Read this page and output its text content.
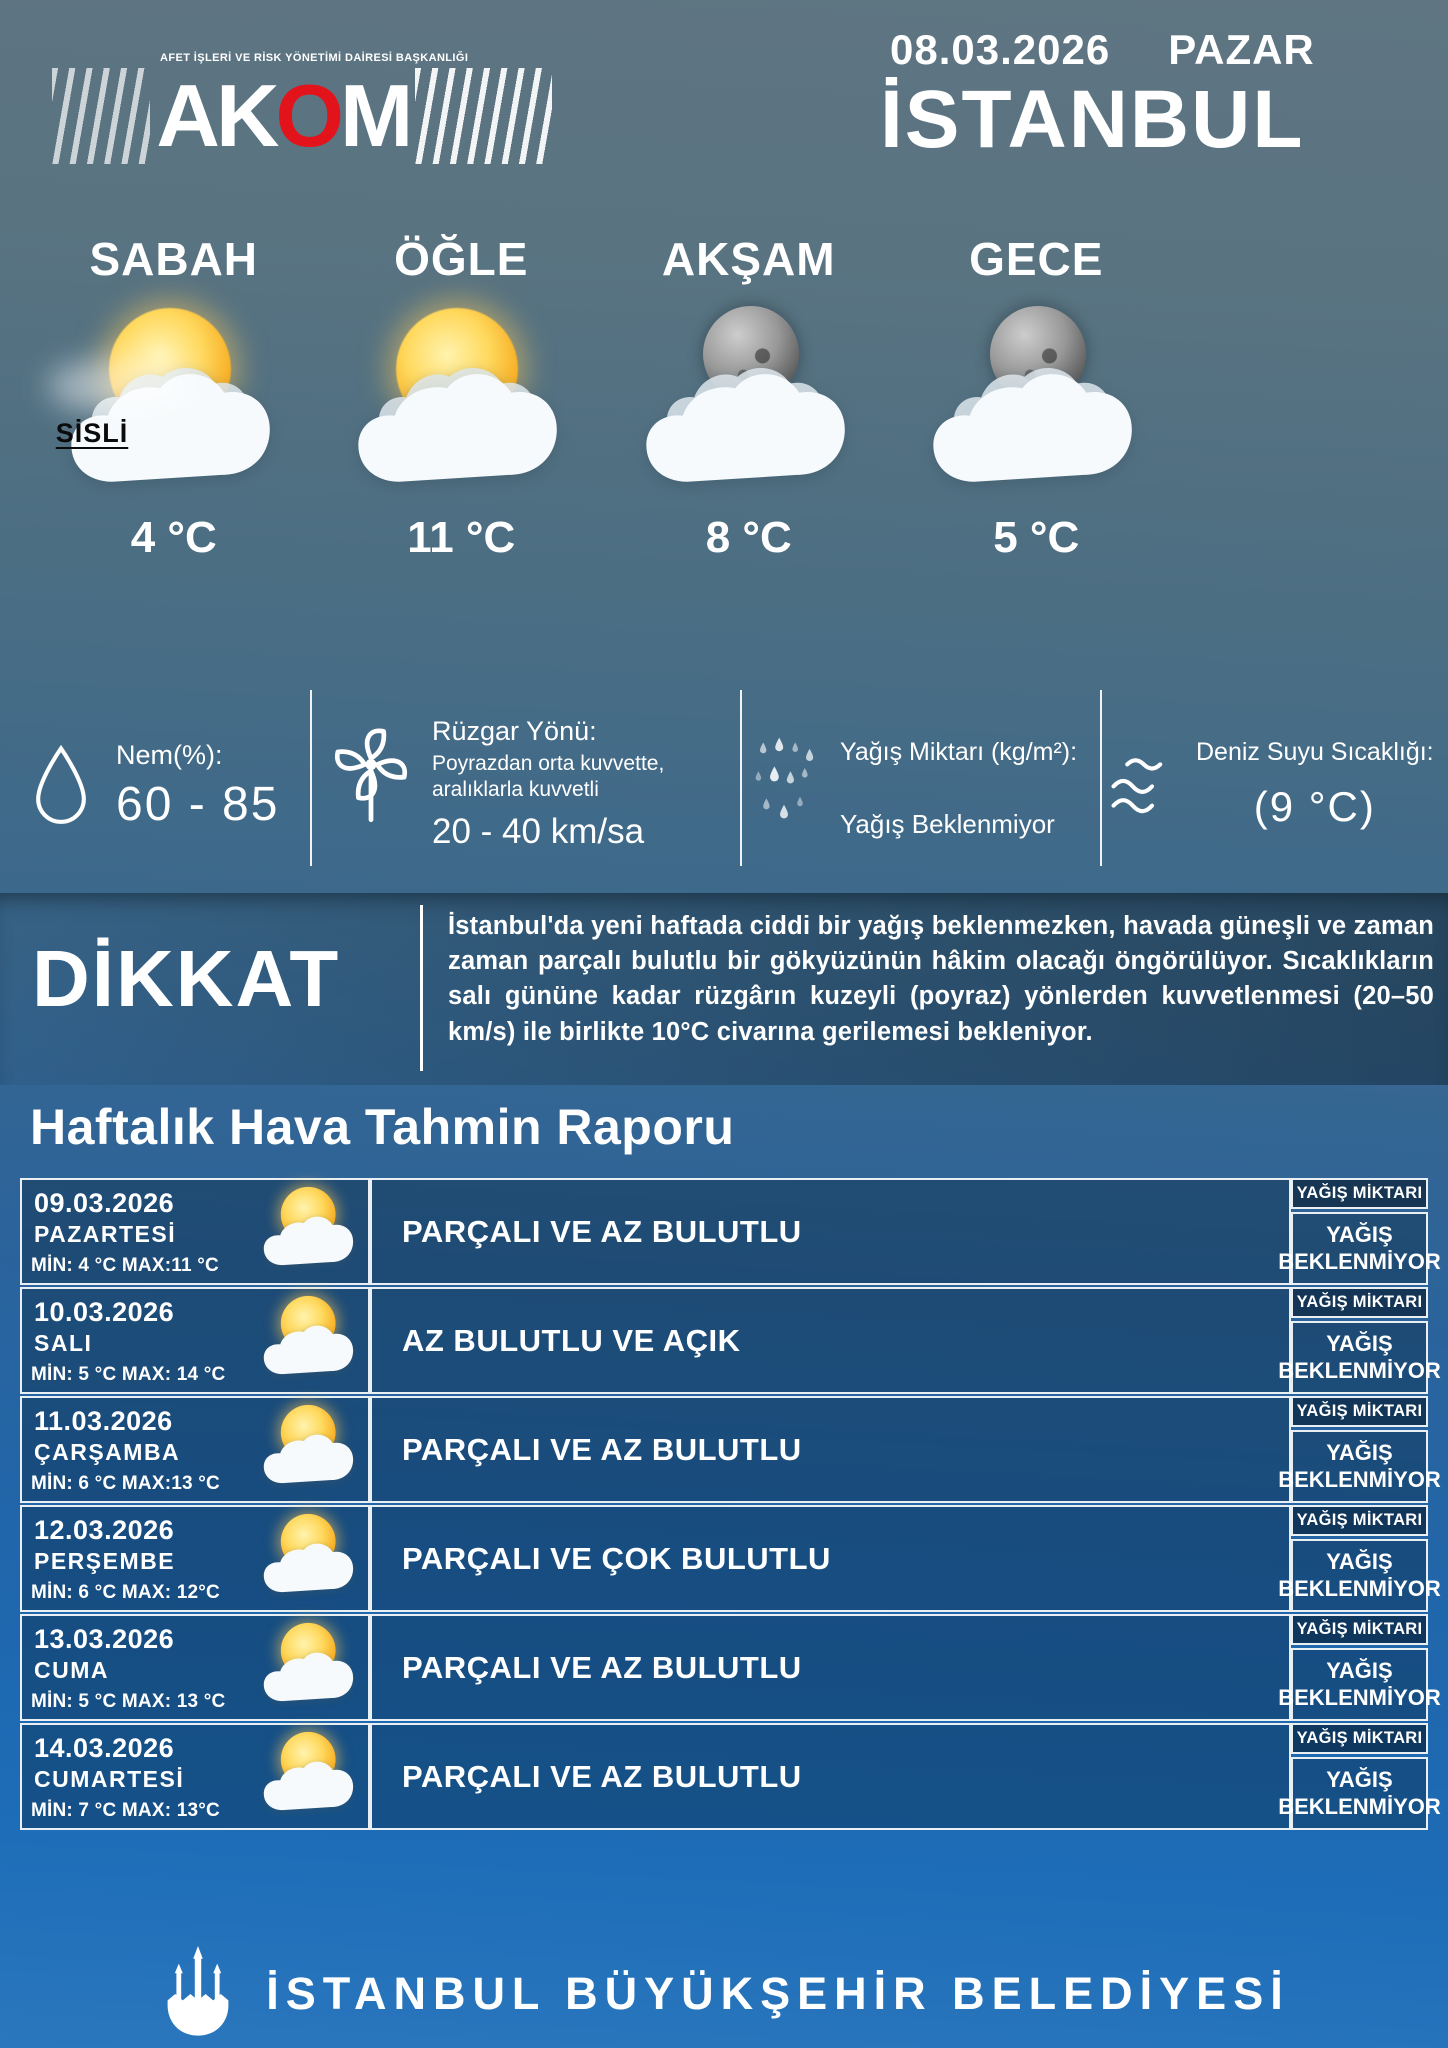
AFET İŞLERİ VE RİSK YÖNETİMİ DAİRESİ BAŞKANLIĞI
AKOM
08.03.2026 PAZAR
İSTANBUL
SABAH
SİSLİ
4 °C
ÖĞLE
11 °C
AKŞAM
8 °C
GECE
5 °C
Nem(%):
60 - 85
Rüzgar Yönü:
Poyrazdan orta kuvvette, aralıklarla kuvvetli
20 - 40 km/sa
Yağış Miktarı (kg/m²):
Yağış Beklenmiyor
Deniz Suyu Sıcaklığı:
(9 °C)
DİKKAT
İstanbul'da yeni haftada ciddi bir yağış beklenmezken, havada güneşli ve zaman zaman parçalı bulutlu bir gökyüzünün hâkim olacağı öngörülüyor. Sıcaklıkların salı gününe kadar rüzgârın kuzeyli (poyraz) yönlerden kuvvetlenmesi (20–50 km/s) ile birlikte 10°C civarına gerilemesi bekleniyor.
Haftalık Hava Tahmin Raporu
09.03.2026
PAZARTESİ
MİN: 4 °C MAX:11 °C
PARÇALI VE AZ BULUTLU
YAĞIŞ MİKTARI
YAĞIŞ BEKLENMİYOR
10.03.2026
SALI
MİN: 5 °C MAX: 14 °C
AZ BULUTLU VE AÇIK
YAĞIŞ MİKTARI
YAĞIŞ BEKLENMİYOR
11.03.2026
ÇARŞAMBA
MİN: 6 °C MAX:13 °C
PARÇALI VE AZ BULUTLU
YAĞIŞ MİKTARI
YAĞIŞ BEKLENMİYOR
12.03.2026
PERŞEMBE
MİN: 6 °C MAX: 12°C
PARÇALI VE ÇOK BULUTLU
YAĞIŞ MİKTARI
YAĞIŞ BEKLENMİYOR
13.03.2026
CUMA
MİN: 5 °C MAX: 13 °C
PARÇALI VE AZ BULUTLU
YAĞIŞ MİKTARI
YAĞIŞ BEKLENMİYOR
14.03.2026
CUMARTESİ
MİN: 7 °C MAX: 13°C
PARÇALI VE AZ BULUTLU
YAĞIŞ MİKTARI
YAĞIŞ BEKLENMİYOR
İSTANBUL BÜYÜKŞEHİR BELEDİYESİ
